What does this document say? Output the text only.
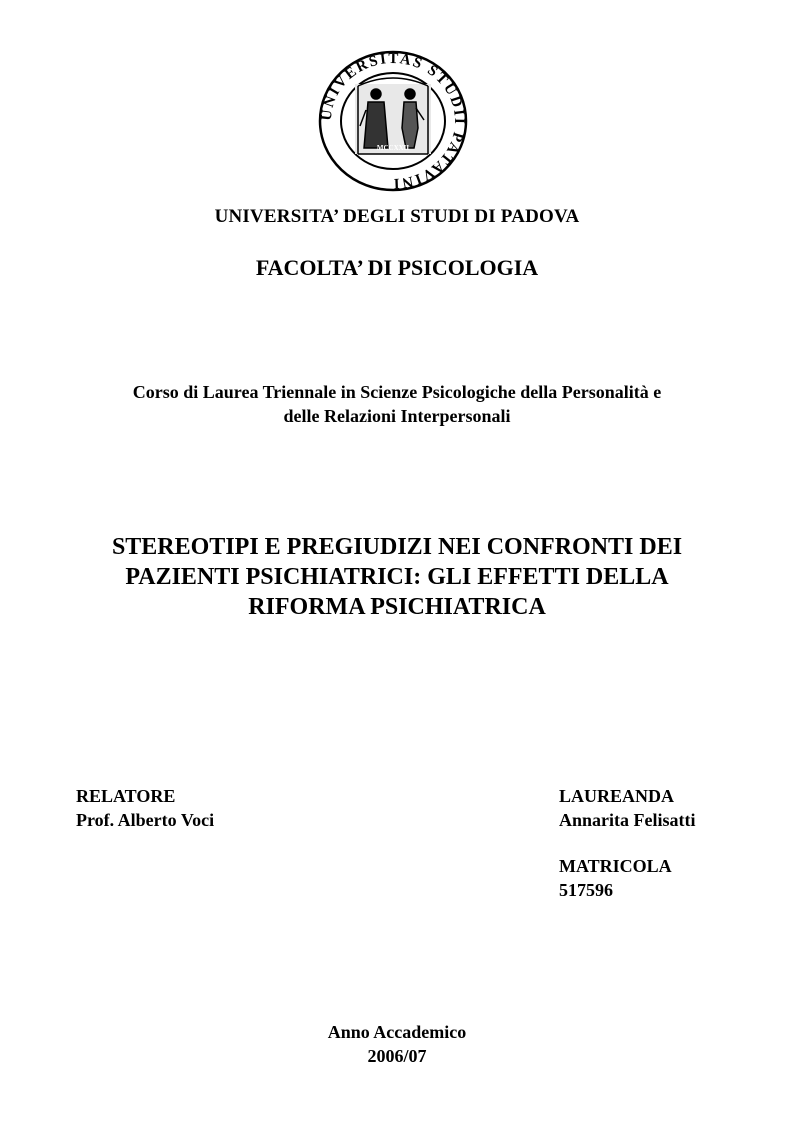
UNIVERSITAS STUDII PATAVINI
MCCXXII
UNIVERSITA’ DEGLI STUDI DI PADOVA
FACOLTA’ DI PSICOLOGIA
Corso di Laurea Triennale in Scienze Psicologiche della Personalità e
delle Relazioni Interpersonali
STEREOTIPI E PREGIUDIZI NEI CONFRONTI DEI
PAZIENTI PSICHIATRICI: GLI EFFETTI DELLA
RIFORMA PSICHIATRICA
RELATORE
Prof. Alberto Voci
LAUREANDA
Annarita Felisatti
MATRICOLA
517596
Anno Accademico
2006/07
